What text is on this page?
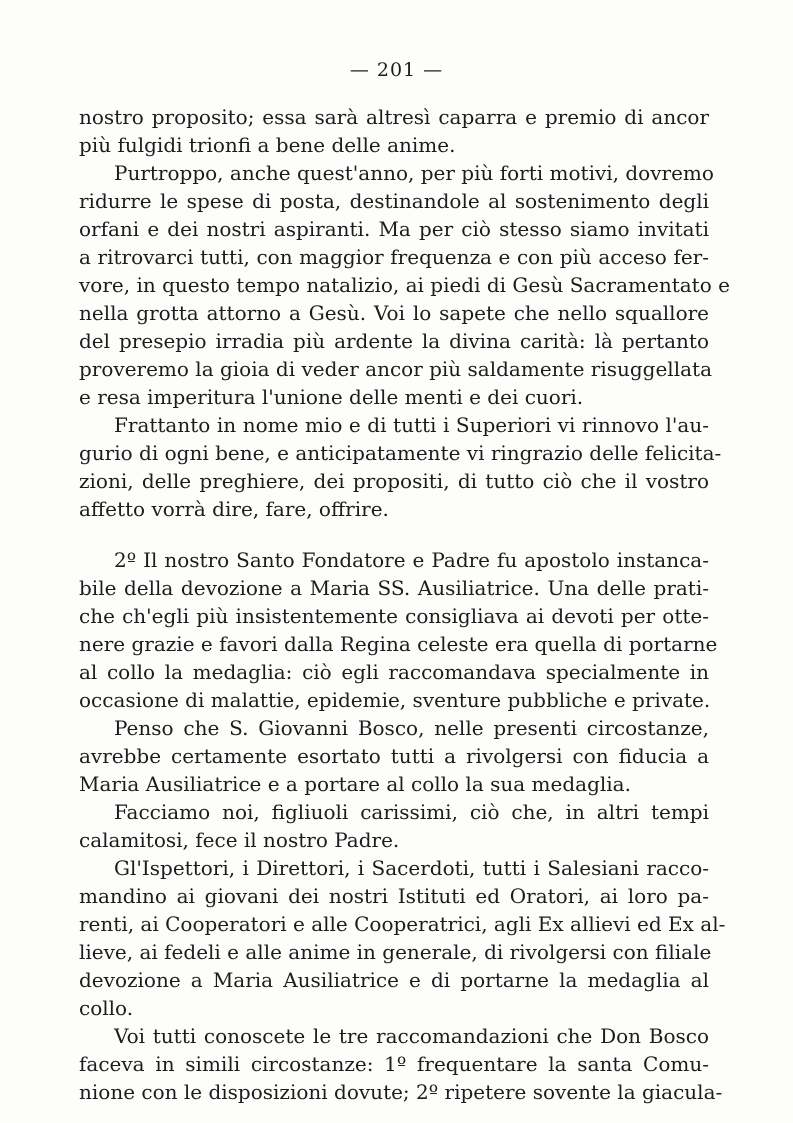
— 201 —
nostro proposito; essa sarà altresì caparra e premio di ancor
più fulgidi trionfi a bene delle anime.
Purtroppo, anche quest'anno, per più forti motivi, dovremo
ridurre le spese di posta, destinandole al sostenimento degli
orfani e dei nostri aspiranti. Ma per ciò stesso siamo invitati
a ritrovarci tutti, con maggior frequenza e con più acceso fer-
vore, in questo tempo natalizio, ai piedi di Gesù Sacramentato e
nella grotta attorno a Gesù. Voi lo sapete che nello squallore
del presepio irradia più ardente la divina carità: là pertanto
proveremo la gioia di veder ancor più saldamente risuggellata
e resa imperitura l'unione delle menti e dei cuori.
Frattanto in nome mio e di tutti i Superiori vi rinnovo l'au-
gurio di ogni bene, e anticipatamente vi ringrazio delle felicita-
zioni, delle preghiere, dei propositi, di tutto ciò che il vostro
affetto vorrà dire, fare, offrire.
2º Il nostro Santo Fondatore e Padre fu apostolo instanca-
bile della devozione a Maria SS. Ausiliatrice. Una delle prati-
che ch'egli più insistentemente consigliava ai devoti per otte-
nere grazie e favori dalla Regina celeste era quella di portarne
al collo la medaglia: ciò egli raccomandava specialmente in
occasione di malattie, epidemie, sventure pubbliche e private.
Penso che S. Giovanni Bosco, nelle presenti circostanze,
avrebbe certamente esortato tutti a rivolgersi con fiducia a
Maria Ausiliatrice e a portare al collo la sua medaglia.
Facciamo noi, figliuoli carissimi, ciò che, in altri tempi
calamitosi, fece il nostro Padre.
Gl'Ispettori, i Direttori, i Sacerdoti, tutti i Salesiani racco-
mandino ai giovani dei nostri Istituti ed Oratori, ai loro pa-
renti, ai Cooperatori e alle Cooperatrici, agli Ex allievi ed Ex al-
lieve, ai fedeli e alle anime in generale, di rivolgersi con filiale
devozione a Maria Ausiliatrice e di portarne la medaglia al
collo.
Voi tutti conoscete le tre raccomandazioni che Don Bosco
faceva in simili circostanze: 1º frequentare la santa Comu-
nione con le disposizioni dovute; 2º ripetere sovente la giacula-
